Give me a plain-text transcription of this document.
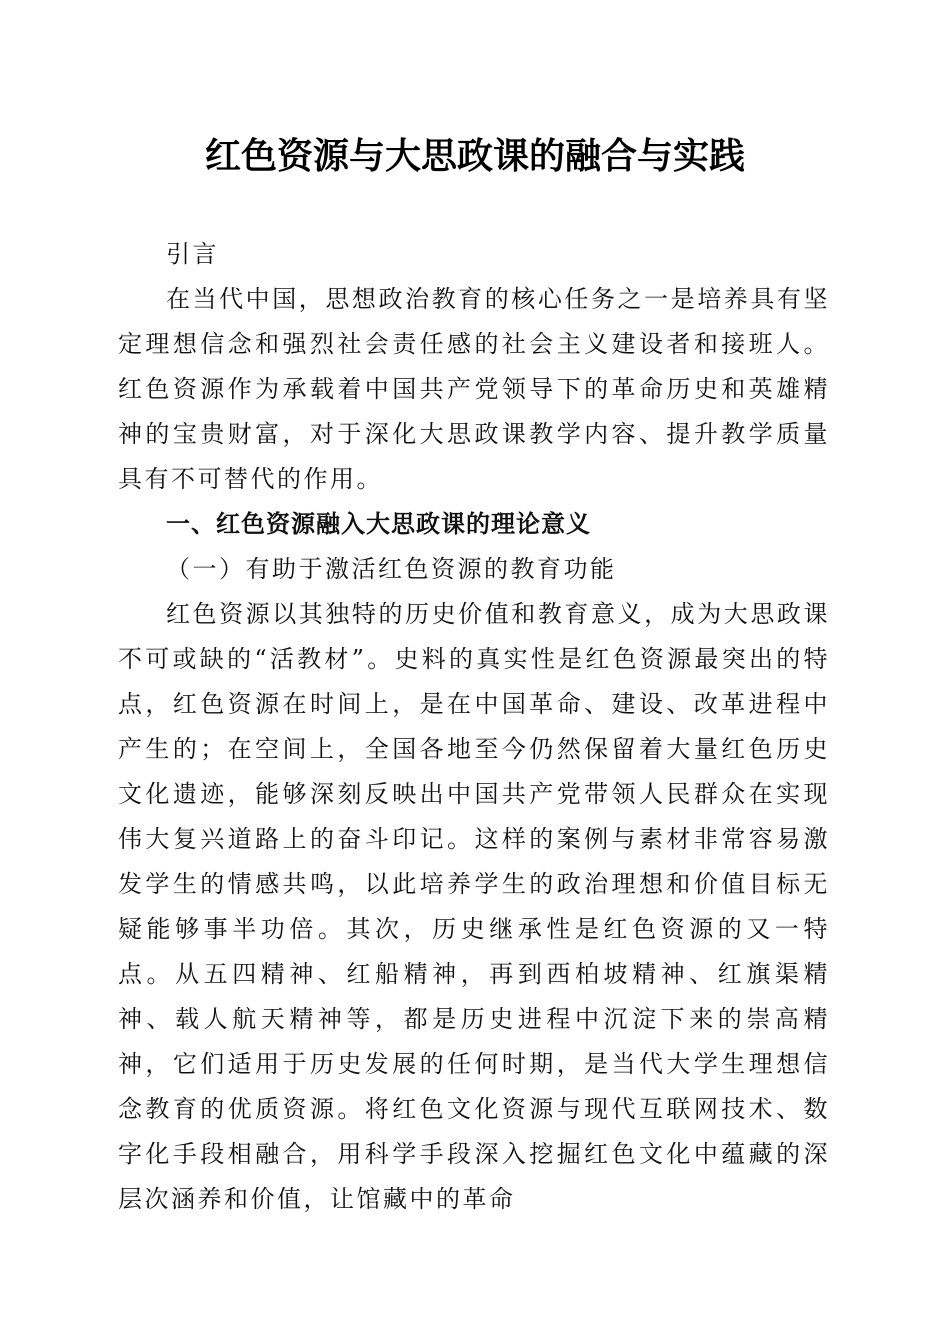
红色资源与大思政课的融合与实践

引言

在当代中国，思想政治教育的核心任务之一是培养具有坚定理想信念和强烈社会责任感的社会主义建设者和接班人。红色资源作为承载着中国共产党领导下的革命历史和英雄精神的宝贵财富，对于深化大思政课教学内容、提升教学质量具有不可替代的作用。

一、红色资源融入大思政课的理论意义

（一）有助于激活红色资源的教育功能

红色资源以其独特的历史价值和教育意义，成为大思政课不可或缺的“活教材”。史料的真实性是红色资源最突出的特点，红色资源在时间上，是在中国革命、建设、改革进程中产生的；在空间上，全国各地至今仍然保留着大量红色历史文化遗迹，能够深刻反映出中国共产党带领人民群众在实现伟大复兴道路上的奋斗印记。这样的案例与素材非常容易激发学生的情感共鸣，以此培养学生的政治理想和价值目标无疑能够事半功倍。其次，历史继承性是红色资源的又一特点。从五四精神、红船精神，再到西柏坡精神、红旗渠精神、载人航天精神等，都是历史进程中沉淀下来的崇高精神，它们适用于历史发展的任何时期，是当代大学生理想信念教育的优质资源。将红色文化资源与现代互联网技术、数字化手段相融合，用科学手段深入挖掘红色文化中蕴藏的深层次涵养和价值，让馆藏中的革命
